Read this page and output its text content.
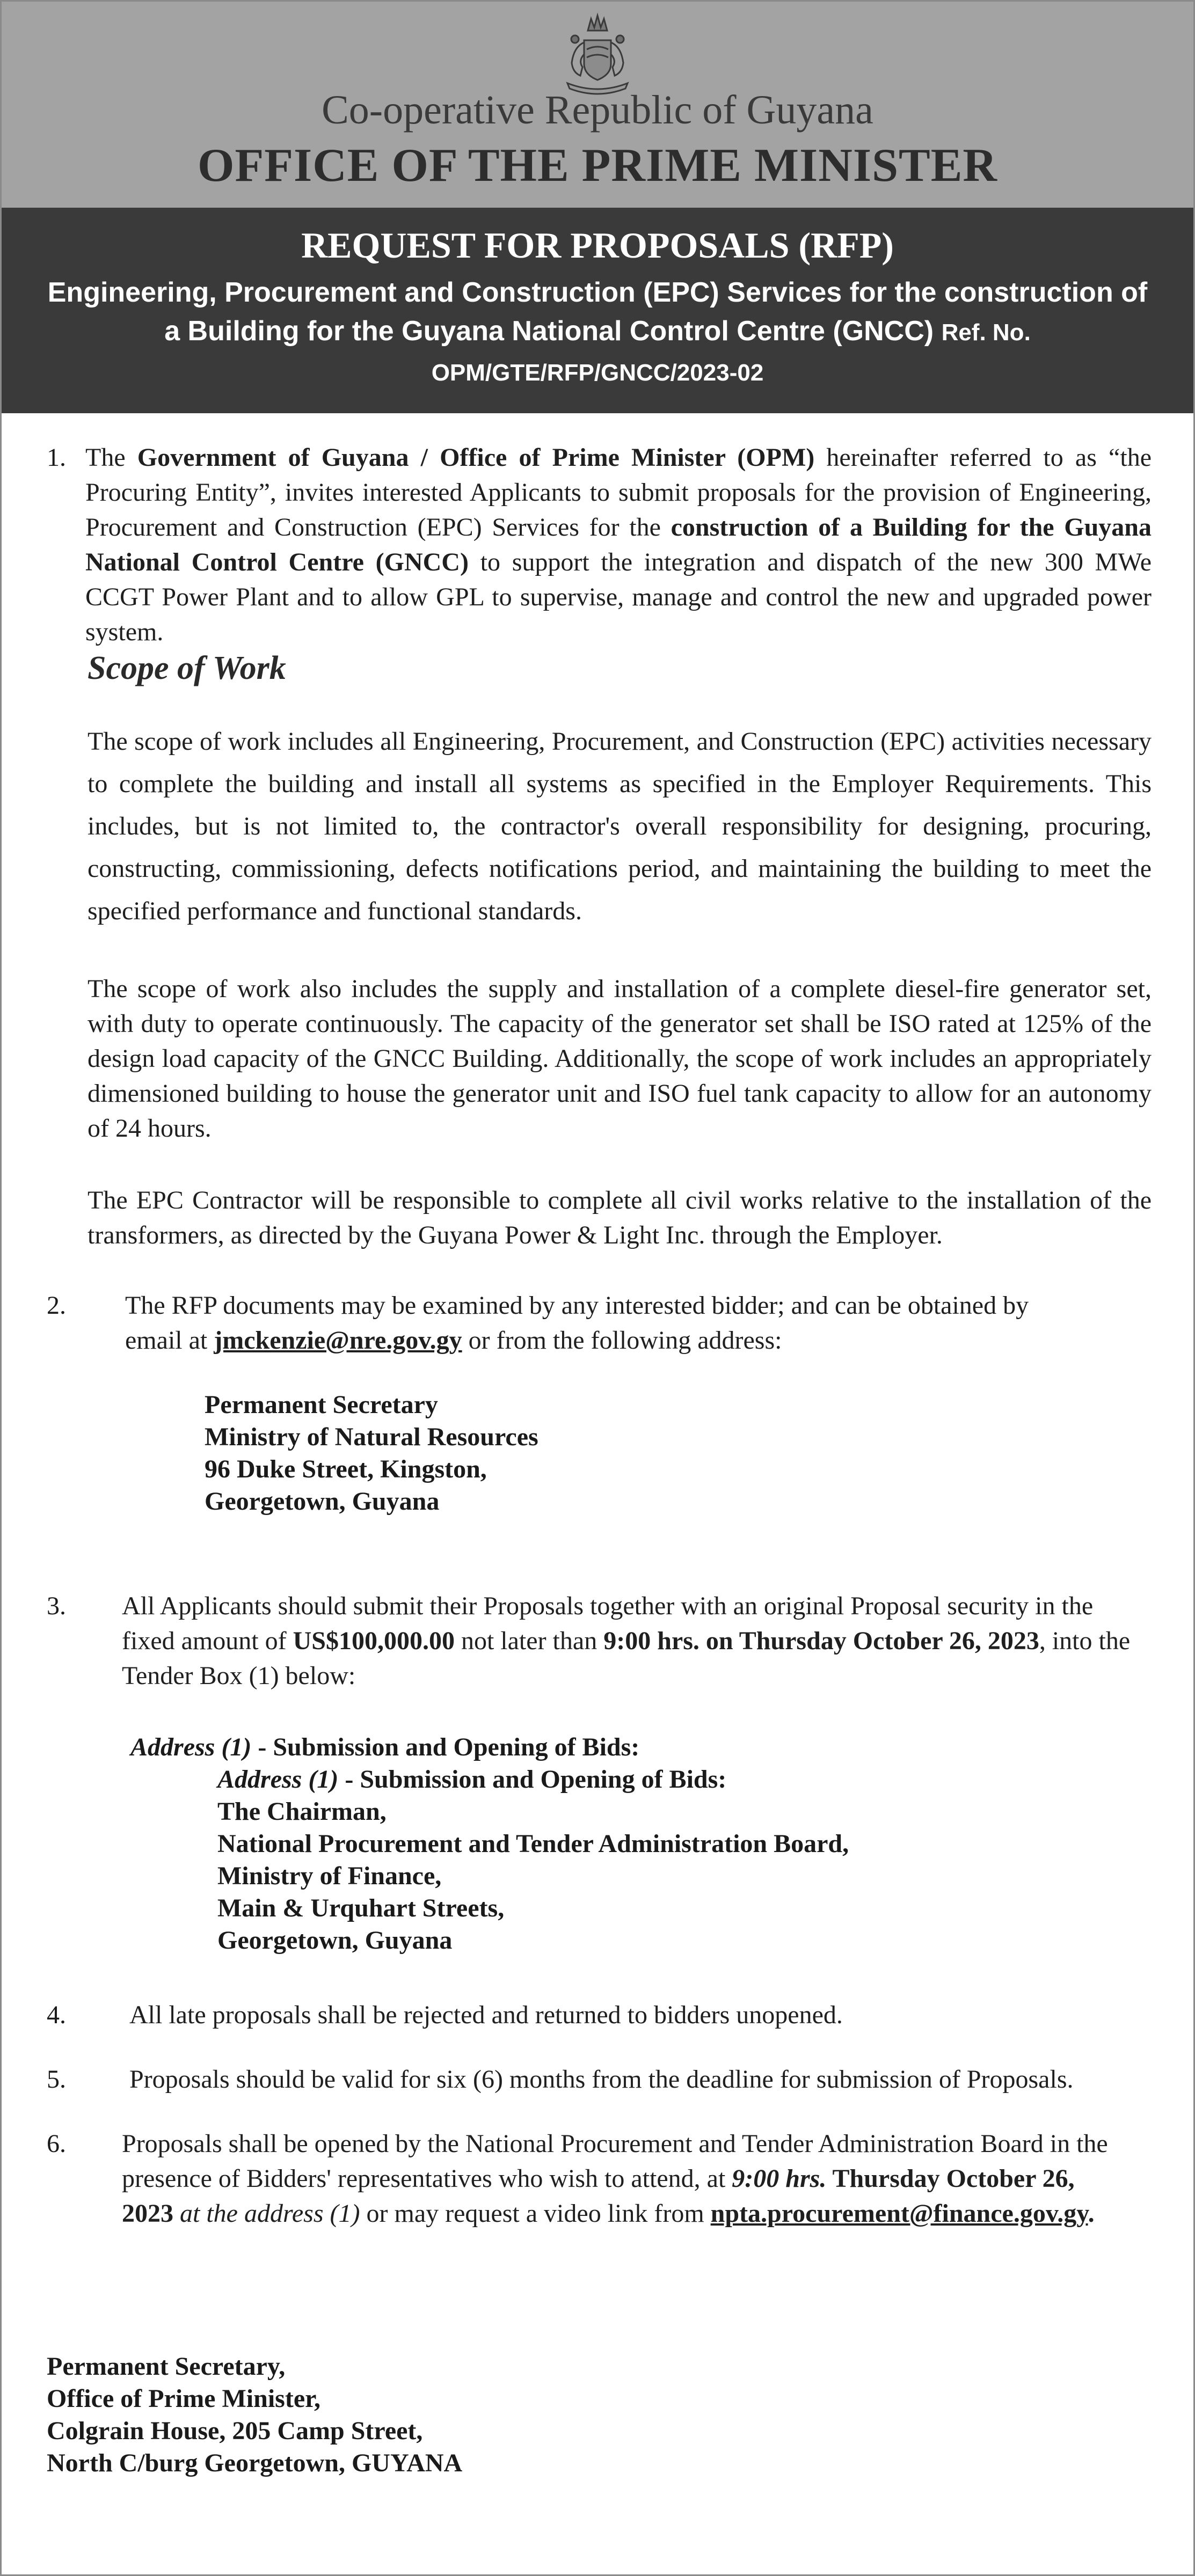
Co-operative Republic of Guyana
OFFICE OF THE PRIME MINISTER
REQUEST FOR PROPOSALS (RFP)
Engineering, Procurement and Construction (EPC) Services for the construction of a Building for the Guyana National Control Centre (GNCC) Ref. No.
OPM/GTE/RFP/GNCC/2023-02
1. The Government of Guyana / Office of Prime Minister (OPM) hereinafter referred to as “the Procuring Entity”, invites interested Applicants to submit proposals for the provision of Engineering, Procurement and Construction (EPC) Services for the construction of a Building for the Guyana National Control Centre (GNCC) to support the integration and dispatch of the new 300 MWe CCGT Power Plant and to allow GPL to supervise, manage and control the new and upgraded power system.
Scope of Work
The scope of work includes all Engineering, Procurement, and Construction (EPC) activities necessary to complete the building and install all systems as specified in the Employer Requirements. This includes, but is not limited to, the contractor's overall responsibility for designing, procuring, constructing, commissioning, defects notifications period, and maintaining the building to meet the specified performance and functional standards.
The scope of work also includes the supply and installation of a complete diesel-fire generator set, with duty to operate continuously. The capacity of the generator set shall be ISO rated at 125% of the design load capacity of the GNCC Building. Additionally, the scope of work includes an appropriately dimensioned building to house the generator unit and ISO fuel tank capacity to allow for an autonomy of 24 hours.
The EPC Contractor will be responsible to complete all civil works relative to the installation of the transformers, as directed by the Guyana Power & Light Inc. through the Employer.
2. The RFP documents may be examined by any interested bidder; and can be obtained by email at jmckenzie@nre.gov.gy or from the following address:
Permanent Secretary
Ministry of Natural Resources
96 Duke Street, Kingston,
Georgetown, Guyana
3. All Applicants should submit their Proposals together with an original Proposal security in the fixed amount of US$100,000.00 not later than 9:00 hrs. on Thursday October 26, 2023, into the Tender Box (1) below:
Address (1) - Submission and Opening of Bids:
Address (1) - Submission and Opening of Bids:
The Chairman,
National Procurement and Tender Administration Board,
Ministry of Finance,
Main & Urquhart Streets,
Georgetown, Guyana
4. All late proposals shall be rejected and returned to bidders unopened.
5. Proposals should be valid for six (6) months from the deadline for submission of Proposals.
6. Proposals shall be opened by the National Procurement and Tender Administration Board in the presence of Bidders' representatives who wish to attend, at 9:00 hrs. Thursday October 26, 2023 at the address (1) or may request a video link from npta.procurement@finance.gov.gy.
Permanent Secretary,
Office of Prime Minister,
Colgrain House, 205 Camp Street,
North C/burg Georgetown, GUYANA
